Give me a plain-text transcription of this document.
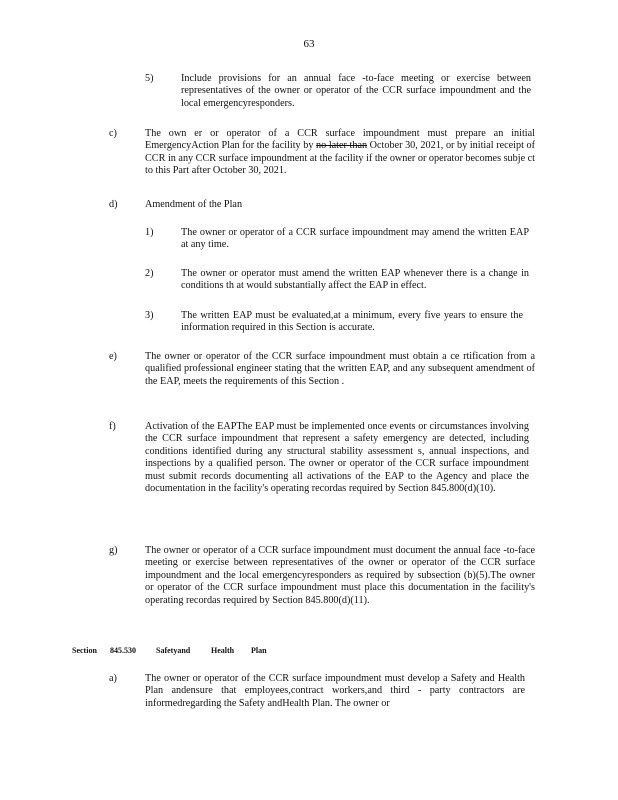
63
5)	Include provisions for an annual face -to-face meeting or exercise between representatives of the owner or operator of the CCR surface impoundment and the local emergencyresponders.
c)	The own er or operator of a CCR surface impoundment must prepare an initial EmergencyAction Plan for the facility by no later than October 30, 2021, or by initial receipt of CCR in any CCR surface impoundment at the facility if the owner or operator becomes subje ct to this Part after October 30, 2021.
d)	Amendment of the Plan
1)	The owner or operator of a CCR surface impoundment may amend the written EAP at any time.
2)	The owner or operator must amend the written EAP whenever there is a change in conditions th at would substantially affect the EAP in effect.
3)	The written EAP must be evaluated,at a minimum, every five years to ensure the information required in this Section is accurate.
e)	The owner or operator of the CCR surface impoundment must obtain a ce rtification from a qualified professional engineer stating that the written EAP, and any subsequent amendment of the EAP, meets the requirements of this Section .
f)	Activation of the EAPThe EAP must be implemented once events or circumstances involving the CCR surface impoundment that represent a safety emergency are detected, including conditions identified during any structural stability assessment s, annual inspections, and inspections by a qualified person. The owner or operator of the CCR surface impoundment must submit records documenting all activations of the EAP to the Agency and place the documentation in the facility's operating recordas required by Section 845.800(d)(10).
g)	The owner or operator of a CCR surface impoundment must document the annual face -to-face meeting or exercise between representatives of the owner or operator of the CCR surface impoundment and the local emergencyresponders as required by subsection (b)(5).The owner or operator of the CCR surface impoundment must place this documentation in the facility's operating recordas required by Section 845.800(d)(11).
Section 845.530	Safetyand	Health Plan
a)	The owner or operator of the CCR surface impoundment must develop a Safety and Health Plan andensure that employees,contract workers,and third - party contractors are informedregarding the Safety andHealth Plan. The owner or
